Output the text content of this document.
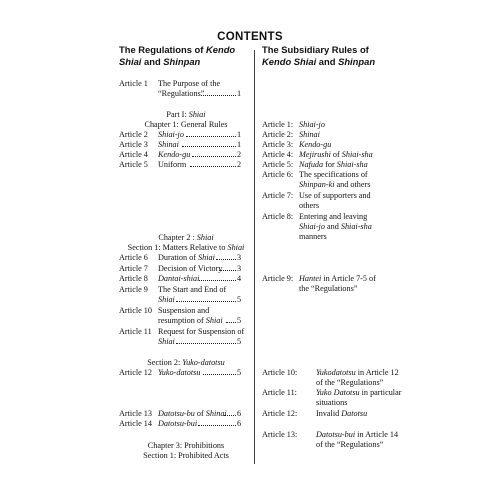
CONTENTS
The Regulations of Kendo Shiai and Shinpan
The Subsidiary Rules of Kendo Shiai and Shinpan
Article 1 The Purpose of the
“Regulations”	1
Part I: Shiai
Chapter 1: General Rules
Article 2 Shiai-jo	1
Article 3 Shinai	1
Article 4 Kendo-gu	2
Article 5 Uniform	2
Chapter 2 : Shiai
Section 1: Matters Relative to Shiai
Article 6 Duration of Shiai	3
Article 7 Decision of Victory 3
Article 8 Dantai-shiai	4
Article 9 The Start and End of
Shiai	5
Article 10 Suspension and
resumption of Shiai 5
Article 11 Request for Suspension of
Shiai	5
Section 2: Yuko-datotsu
Article 12 Yuko-datotsu	5
Article 13 Datotsu-bu of Shinai 6
Article 14 Datotsu-bui	6
Chapter 3: Prohibitions
Section 1: Prohibited Acts
Article 1: Shiai-jo
Article 2: Shinai
Article 3: Kendo-gu
Article 4: Mejirushi of Shiai-sha
Article 5: Nafuda for Shiai-sha
Article 6: The specifications of
Shinpan-ki and others
Article 7: Use of supporters and
others
Article 8: Entering and leaving
Shiai-jo and Shiai-sha
manners
Article 9: Hantei in Article 7-5 of
the “Regulations”
Article 10: Yukodatotsu in Article 12
of the “Regulations”
Article 11: Yuko Datotsu in particular
situations
Article 12: Invalid Datotsu
Article 13: Datotsu-bui in Article 14
of the “Regulations”
